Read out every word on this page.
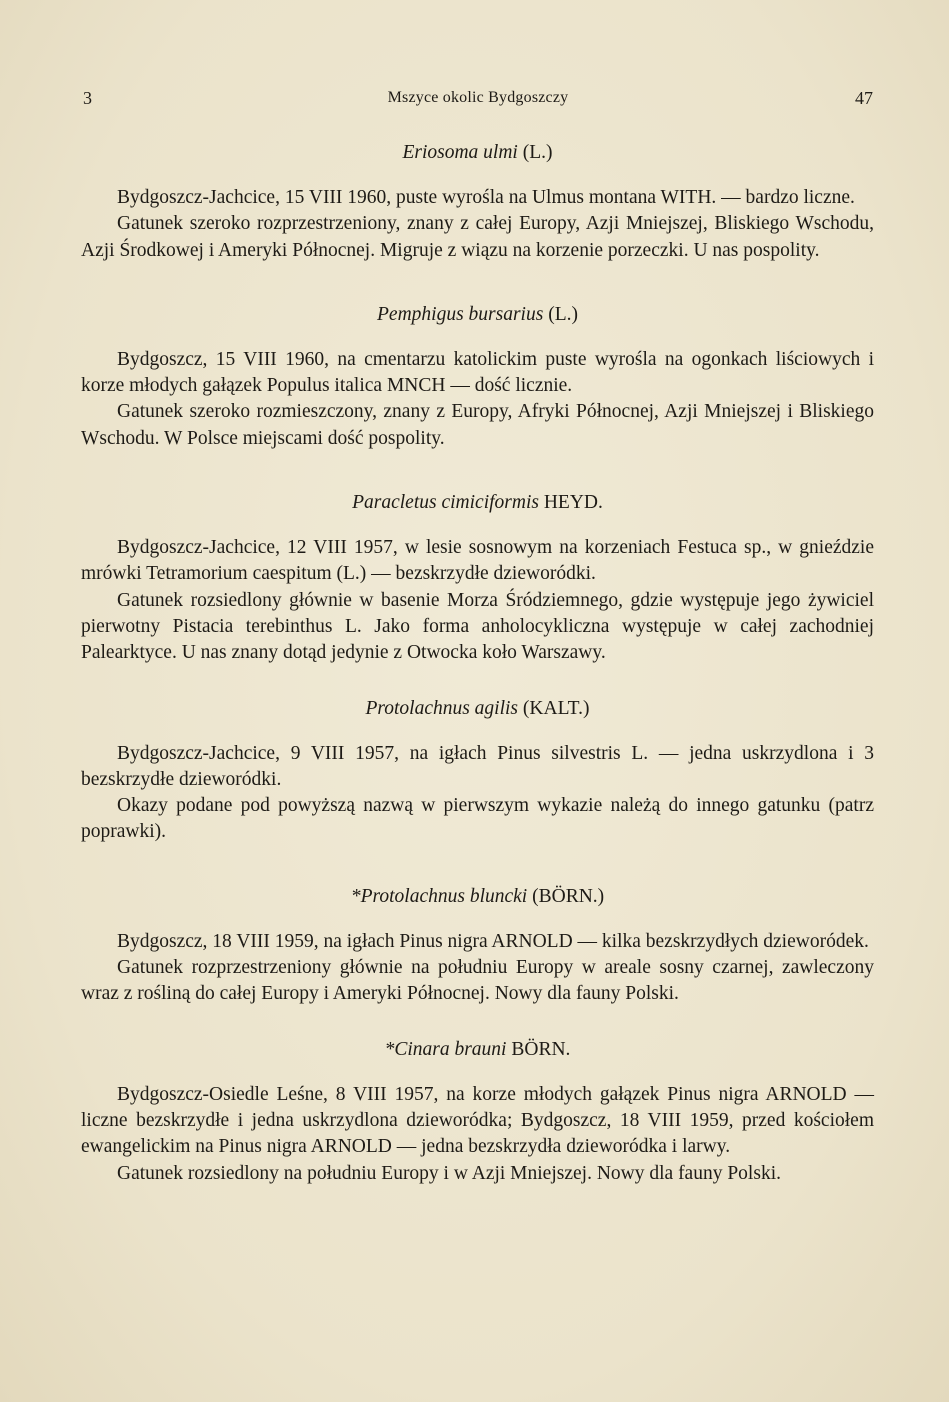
3	Mszyce okolic Bydgoszczy	47
Eriosoma ulmi (L.)

Bydgoszcz-Jachcice, 15 VIII 1960, puste wyrośla na Ulmus montana WITH. — bardzo liczne.

Gatunek szeroko rozprzestrzeniony, znany z całej Europy, Azji Mniejszej, Bliskiego Wschodu, Azji Środkowej i Ameryki Północnej. Migruje z wiązu na korzenie porzeczki. U nas pospolity.

Pemphigus bursarius (L.)

Bydgoszcz, 15 VIII 1960, na cmentarzu katolickim puste wyrośla na ogonkach liściowych i korze młodych gałązek Populus italica MNCH — dość licznie.

Gatunek szeroko rozmieszczony, znany z Europy, Afryki Północnej, Azji Mniejszej i Bliskiego Wschodu. W Polsce miejscami dość pospolity.

Paracletus cimiciformis HEYD.

Bydgoszcz-Jachcice, 12 VIII 1957, w lesie sosnowym na korzeniach Festuca sp., w gnieździe mrówki Tetramorium caespitum (L.) — bezskrzydłe dzieworódki.

Gatunek rozsiedlony głównie w basenie Morza Śródziemnego, gdzie występuje jego żywiciel pierwotny Pistacia terebinthus L. Jako forma anholocykliczna występuje w całej zachodniej Palearktyce. U nas znany dotąd jedynie z Otwocka koło Warszawy.

Protolachnus agilis (KALT.)

Bydgoszcz-Jachcice, 9 VIII 1957, na igłach Pinus silvestris L. — jedna uskrzydlona i 3 bezskrzydłe dzieworódki.

Okazy podane pod powyższą nazwą w pierwszym wykazie należą do innego gatunku (patrz poprawki).

*Protolachnus bluncki (BÖRN.)

Bydgoszcz, 18 VIII 1959, na igłach Pinus nigra ARNOLD — kilka bezskrzydłych dzieworódek.

Gatunek rozprzestrzeniony głównie na południu Europy w areale sosny czarnej, zawleczony wraz z rośliną do całej Europy i Ameryki Północnej. Nowy dla fauny Polski.

*Cinara brauni BÖRN.

Bydgoszcz-Osiedle Leśne, 8 VIII 1957, na korze młodych gałązek Pinus nigra ARNOLD — liczne bezskrzydłe i jedna uskrzydlona dzieworódka; Bydgoszcz, 18 VIII 1959, przed kościołem ewangelickim na Pinus nigra ARNOLD — jedna bezskrzydła dzieworódka i larwy.

Gatunek rozsiedlony na południu Europy i w Azji Mniejszej. Nowy dla fauny Polski.
